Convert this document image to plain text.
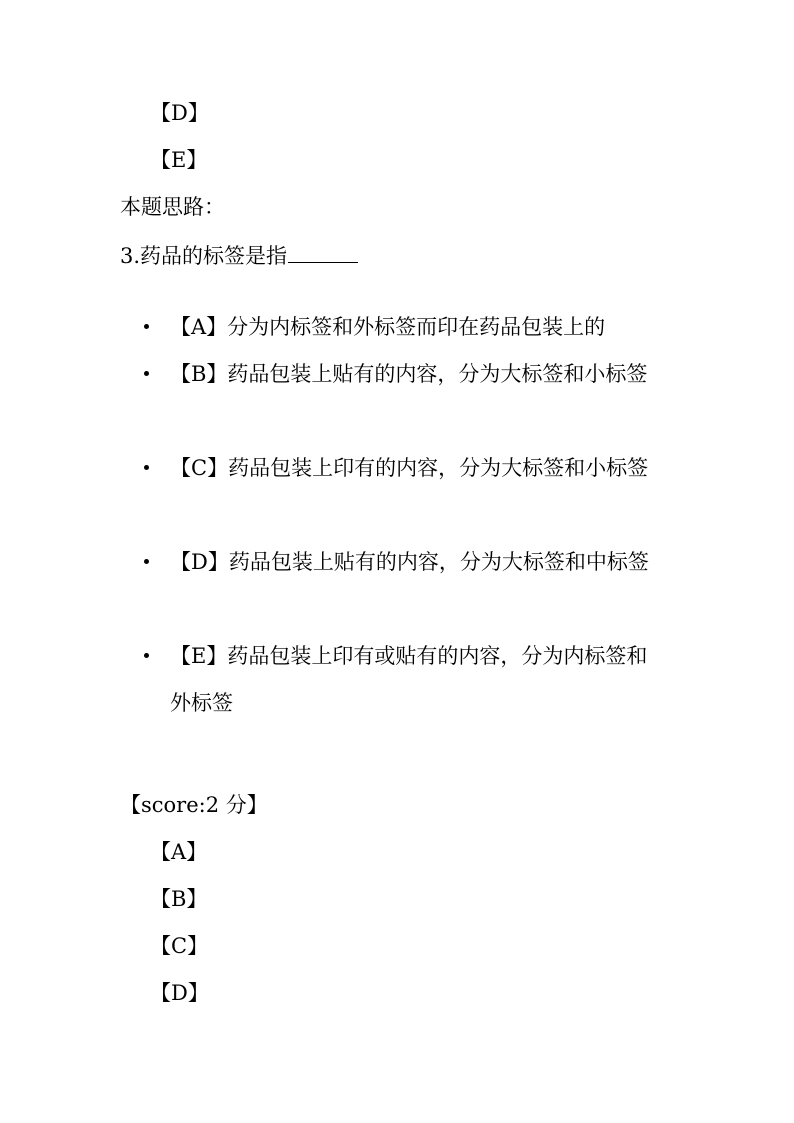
【D】
【E】
本题思路：
3.药品的标签是指
【A】分为内标签和外标签而印在药品包装上的
【B】药品包装上贴有的内容，分为大标签和小标签
【C】药品包装上印有的内容，分为大标签和小标签
【D】药品包装上贴有的内容，分为大标签和中标签
【E】药品包装上印有或贴有的内容，分为内标签和外标签
【score:2 分】
【A】
【B】
【C】
【D】
